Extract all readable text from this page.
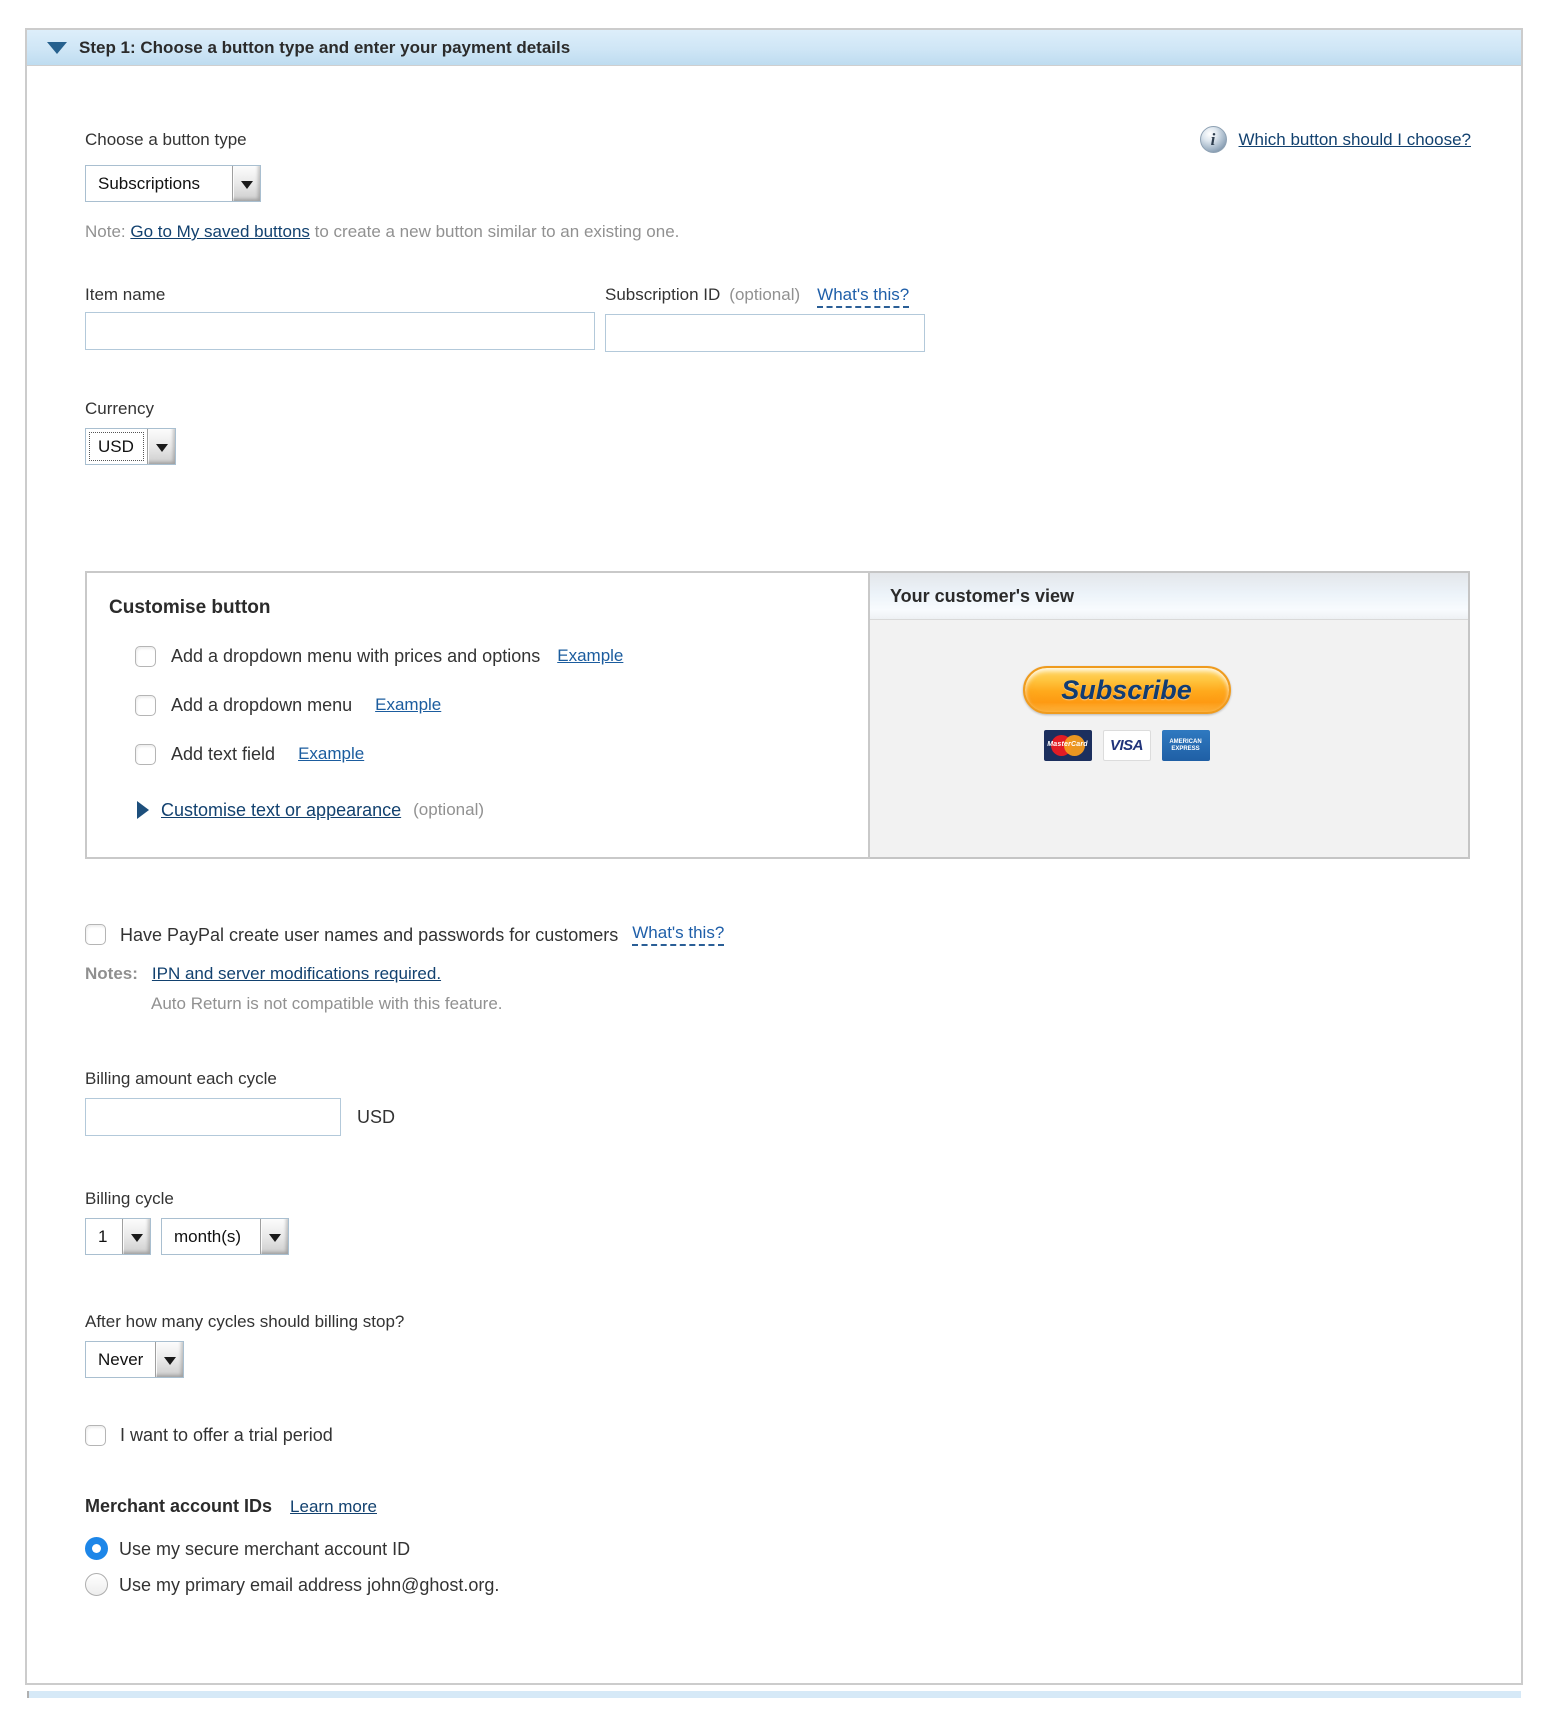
Step 1: Choose a button type and enter your payment details
Choose a button type	i	Which button should I choose?
Subscriptions
Note: Go to My saved buttons to create a new button similar to an existing one.
Item name	Subscription ID (optional) What's this?
Currency
USD
Customise button
Add a dropdown menu with prices and options Example
Add a dropdown menu Example
Add text field Example
Customise text or appearance (optional)
Your customer's view
Subscribe
MasterCard VISA	AMERICAN EXPRESS
Have PayPal create user names and passwords for customers What's this?
Notes: IPN and server modifications required.
Auto Return is not compatible with this feature.
Billing amount each cycle
USD
Billing cycle
1	month(s)
After how many cycles should billing stop?
Never
I want to offer a trial period
Merchant account IDs Learn more
Use my secure merchant account ID
Use my primary email address john@ghost.org.
